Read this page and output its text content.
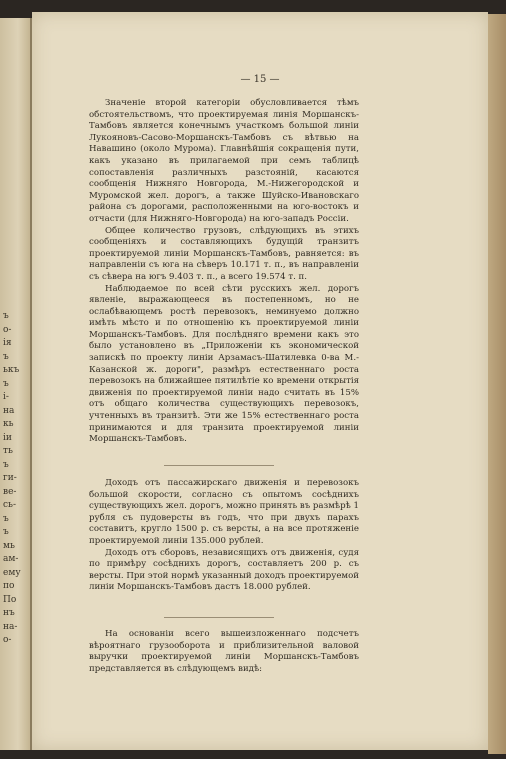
ъ
о-
ія
ъ
ькъ
ъ
і-
на
кь
іи
ть
ъ
ги-
ве-
сь-
ъ
ъ
мь
ам-
ему
по
По
нъ
на-
о-
— 15 —

Значеніе второй категоріи обусловливается тѣмъ обстоятельствомъ, что проектируемая линія Моршанскъ-Тамбовъ является конечнымъ участкомъ большой линіи Лукояновъ-Сасово-Моршанскъ-Тамбовъ съ вѣтвью на Навашино (около Мурома). Главнѣйшія сокращенія пути, какъ указано въ прилагаемой при семъ таблицѣ сопоставленія различныхъ разстояній, касаются сообщенія Нижняго Новгорода, М.-Нижегородской и Муромской жел. дорогъ, а также Шуйско-Ивановскаго района съ дорогами, расположенными на юго-востокъ и отчасти (для Нижняго-Новгорода) на юго-западъ Россіи.

Общее количество грузовъ, слѣдующихъ въ этихъ сообщеніяхъ и составляющихъ будущій транзитъ проектируемой линіи Моршанскъ-Тамбовъ, равняется: въ направленіи съ юга на сѣверъ 10.171 т. п., въ направленіи съ сѣвера на югъ 9.403 т. п., а всего 19.574 т. п.

Наблюдаемое по всей сѣти русскихъ жел. дорогъ явленіе, выражающееся въ постепенномъ, но не ослабѣвающемъ ростѣ перевозокъ, неминуемо должно имѣть мѣсто и по отношенію къ проектируемой линіи Моршанскъ-Тамбовъ. Для послѣдняго времени какъ это было установлено въ „Приложеніи къ экономической запискѣ по проекту линіи Арзамасъ-Шатилевка 0-ва М.-Казанской ж. дороги", размѣръ естественнаго роста перевозокъ на ближайшее пятилѣтіе ко времени открытія движенія по проектируемой линіи надо считать въ 15% отъ общаго количества существующихъ перевозокъ, учтенныхъ въ транзитѣ. Эти же 15% естественнаго роста принимаются и для транзита проектируемой линіи Моршанскъ-Тамбовъ.

Доходъ отъ пассажирскаго движенія и перевозокъ большой скорости, согласно съ опытомъ сосѣднихъ существующихъ жел. дорогъ, можно принять въ размѣрѣ 1 рубля съ пудоверсты въ годъ, что при двухъ парахъ составитъ, кругло 1500 р. съ версты, а на все протяженіе проектируемой линіи 135.000 рублей.

Доходъ отъ сборовъ, независящихъ отъ движенія, судя по примѣру сосѣднихъ дорогъ, составляетъ 200 р. съ версты. При этой нормѣ указанный доходъ проектируемой линіи Моршанскъ-Тамбовъ дастъ 18.000 рублей.

На основаніи всего вышеизложеннаго подсчетъ вѣроятнаго грузооборота и приблизительной валовой выручки проектируемой линіи Моршанскъ-Тамбовъ представляется въ слѣдующемъ видѣ:
